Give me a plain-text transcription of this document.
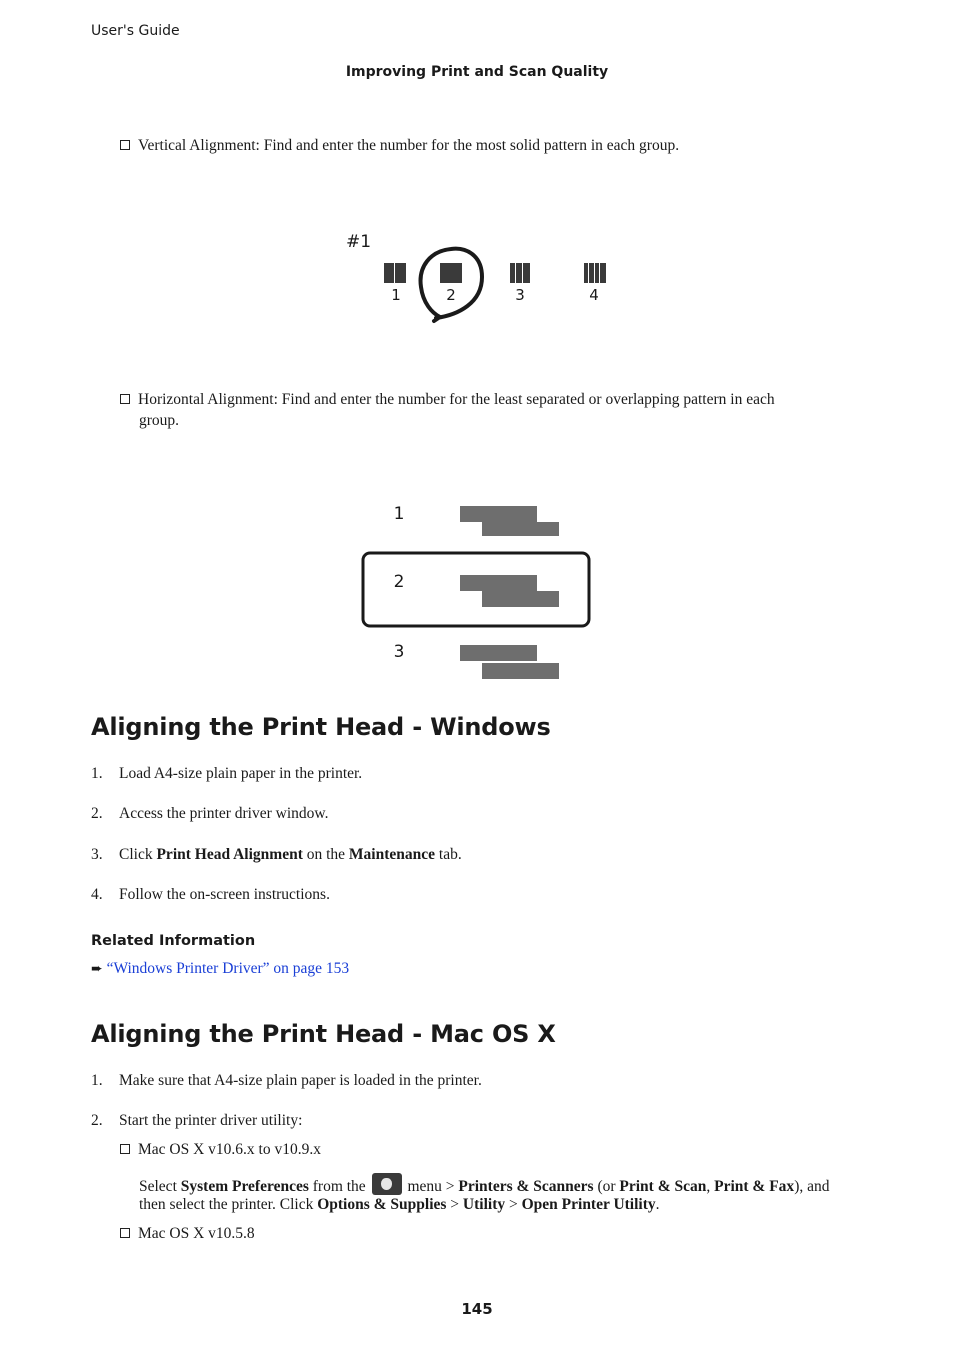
User's Guide
Improving Print and Scan Quality
Vertical Alignment: Find and enter the number for the most solid pattern in each group.
#1
1	2	3	4
Horizontal Alignment: Find and enter the number for the least separated or overlapping pattern in each
group.
1
2
3
Aligning the Print Head - Windows
1. Load A4-size plain paper in the printer.
2. Access the printer driver window.
3. Click Print Head Alignment on the Maintenance tab.
4. Follow the on-screen instructions.
Related Information
➨ “Windows Printer Driver” on page 153
Aligning the Print Head - Mac OS X
1. Make sure that A4-size plain paper is loaded in the printer.
2. Start the printer driver utility:
Mac OS X v10.6.x to v10.9.x
Select System Preferences from the  menu > Printers & Scanners (or Print & Scan, Print & Fax), and
then select the printer. Click Options & Supplies > Utility > Open Printer Utility.
Mac OS X v10.5.8
145
